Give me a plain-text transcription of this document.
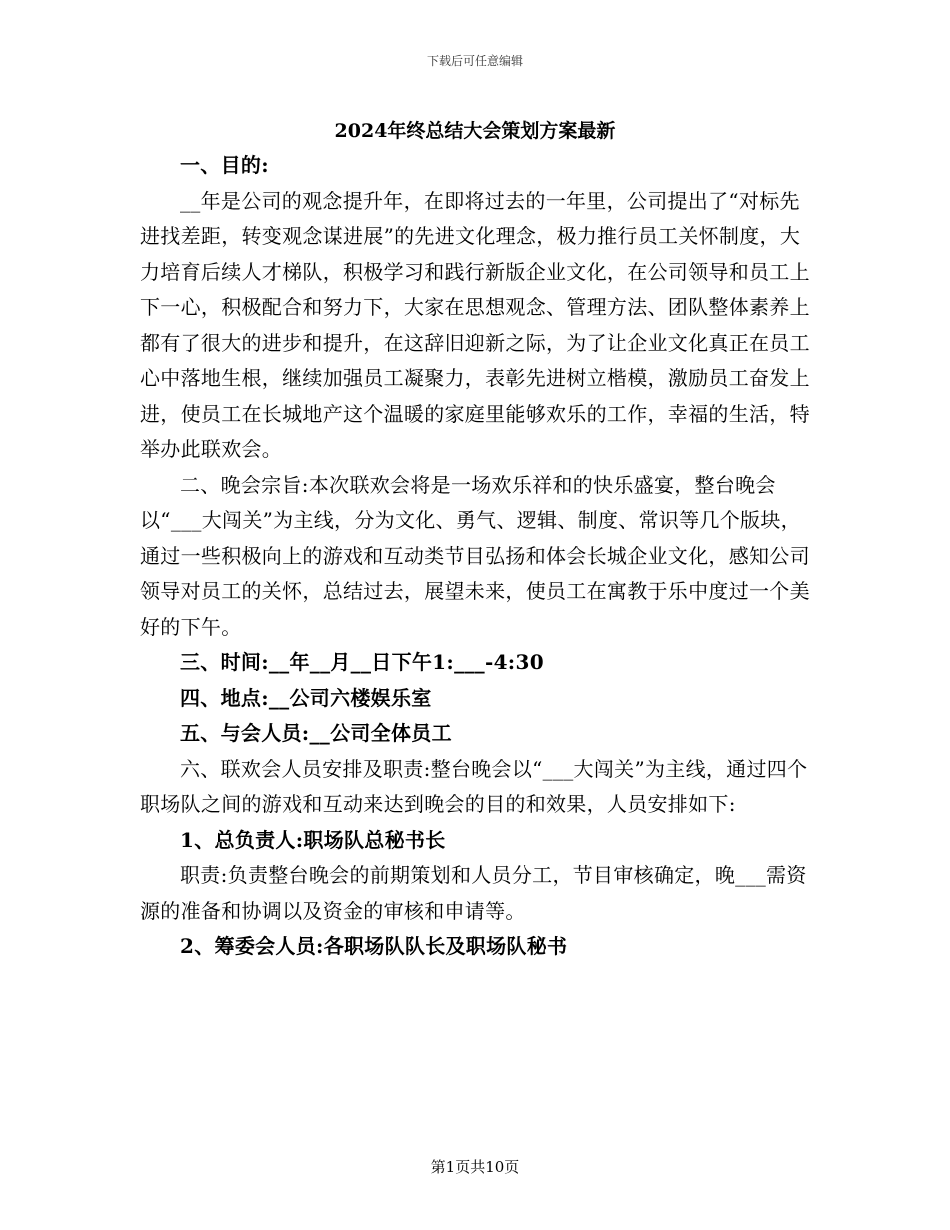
下载后可任意编辑
2024年终总结大会策划方案最新

一、目的:

__年是公司的观念提升年，在即将过去的一年里，公司提出了“对标先进找差距，转变观念谋进展”的先进文化理念，极力推行员工关怀制度，大力培育后续人才梯队，积极学习和践行新版企业文化，在公司领导和员工上下一心，积极配合和努力下，大家在思想观念、管理方法、团队整体素养上都有了很大的进步和提升，在这辞旧迎新之际，为了让企业文化真正在员工心中落地生根，继续加强员工凝聚力，表彰先进树立楷模，激励员工奋发上进，使员工在长城地产这个温暖的家庭里能够欢乐的工作，幸福的生活，特举办此联欢会。

二、晚会宗旨:本次联欢会将是一场欢乐祥和的快乐盛宴，整台晚会以“___大闯关”为主线，分为文化、勇气、逻辑、制度、常识等几个版块，通过一些积极向上的游戏和互动类节目弘扬和体会长城企业文化，感知公司领导对员工的关怀，总结过去，展望未来，使员工在寓教于乐中度过一个美好的下午。

三、时间:__年__月__日下午1:___-4:30

四、地点:__公司六楼娱乐室

五、与会人员:__公司全体员工

六、联欢会人员安排及职责:整台晚会以“___大闯关”为主线，通过四个职场队之间的游戏和互动来达到晚会的目的和效果，人员安排如下:

1、总负责人:职场队总秘书长

职责:负责整台晚会的前期策划和人员分工，节目审核确定，晚___需资源的准备和协调以及资金的审核和申请等。

2、筹委会人员:各职场队队长及职场队秘书

第1页共10页
